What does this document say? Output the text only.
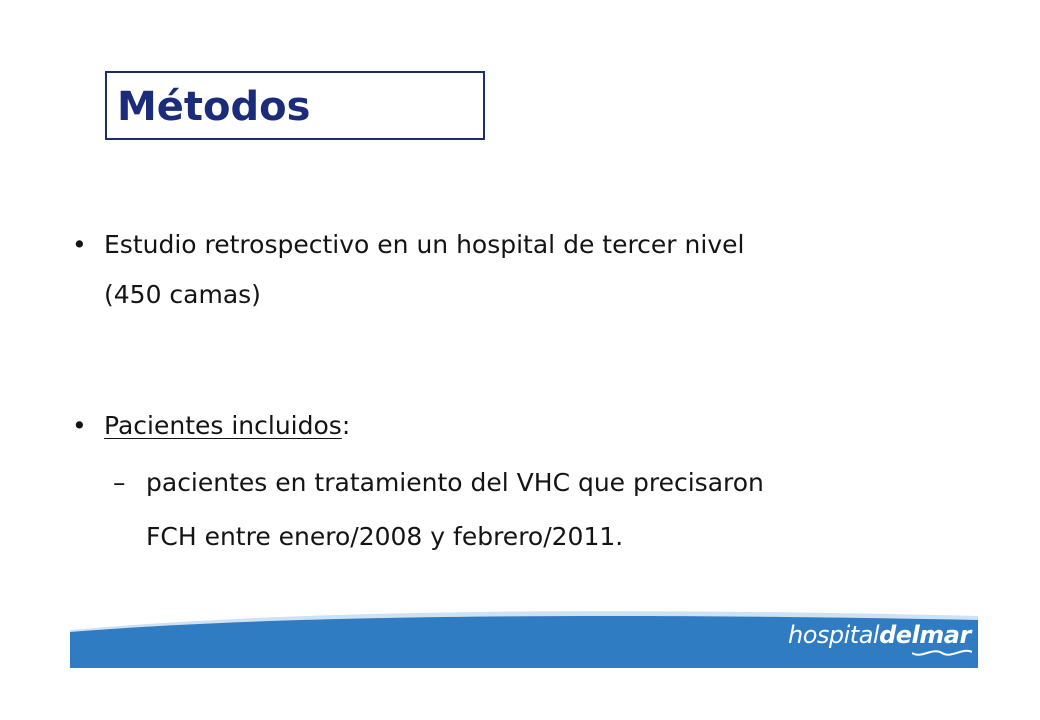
Métodos
• Estudio retrospectivo en un hospital de tercer nivel
(450 camas)
• Pacientes incluidos:
– pacientes en tratamiento del VHC que precisaron
FCH entre enero/2008 y febrero/2011.
hospitaldelmar
